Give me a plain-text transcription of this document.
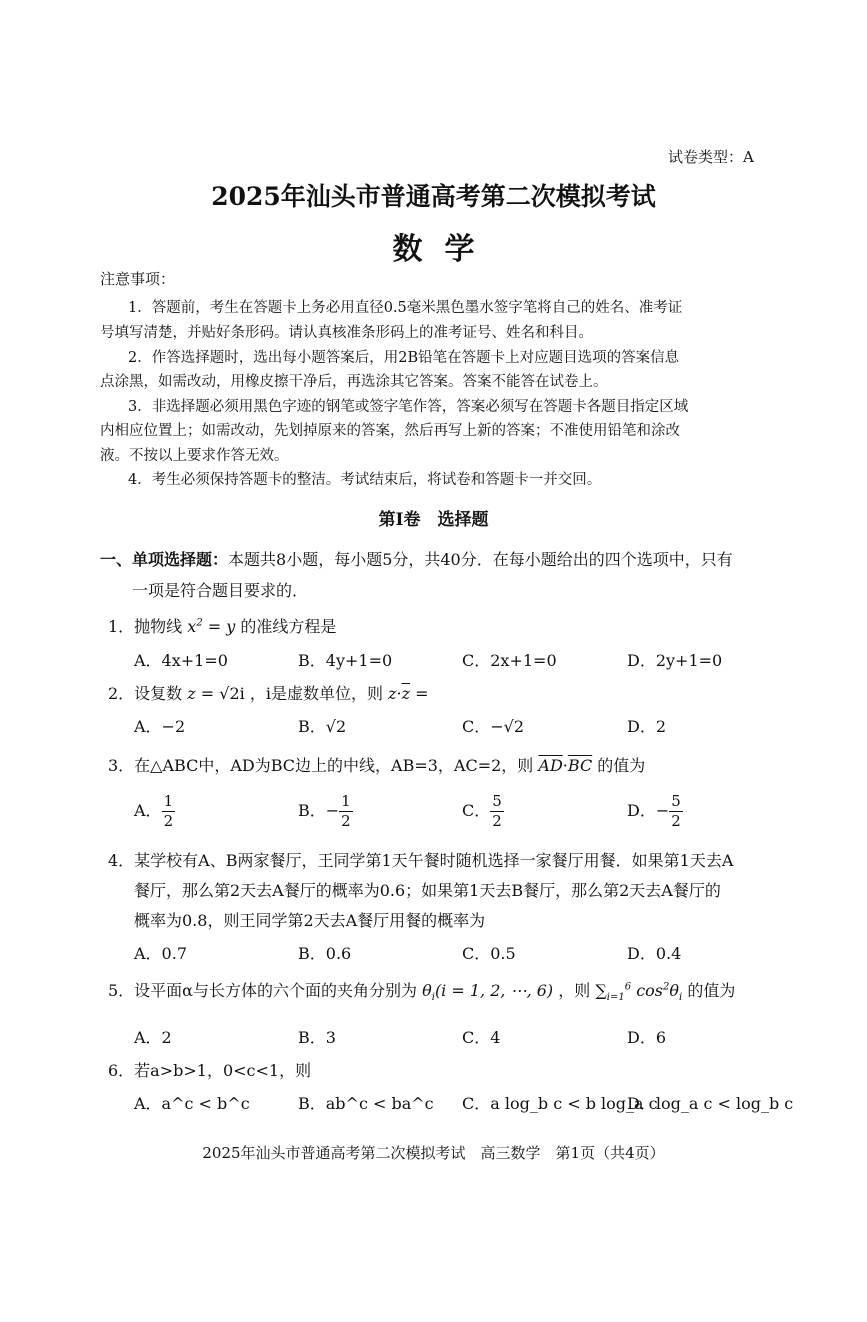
试卷类型：A
2025年汕头市普通高考第二次模拟考试
数学
注意事项：
1．答题前，考生在答题卡上务必用直径0.5毫米黑色墨水签字笔将自己的姓名、准考证
号填写清楚，并贴好条形码。请认真核准条形码上的准考证号、姓名和科目。
2．作答选择题时，选出每小题答案后，用2B铅笔在答题卡上对应题目选项的答案信息
点涂黑，如需改动，用橡皮擦干净后，再选涂其它答案。答案不能答在试卷上。
3．非选择题必须用黑色字迹的钢笔或签字笔作答，答案必须写在答题卡各题目指定区域
内相应位置上；如需改动，先划掉原来的答案，然后再写上新的答案；不准使用铅笔和涂改
液。不按以上要求作答无效。
4．考生必须保持答题卡的整洁。考试结束后，将试卷和答题卡一并交回。
第Ⅰ卷　选择题
一、单项选择题：本题共8小题，每小题5分，共40分．在每小题给出的四个选项中，只有
一项是符合题目要求的．
1．抛物线 $x^2 = y$ 的准线方程是
A．4x+1=0	B．4y+1=0	C．2x+1=0	D．2y+1=0
2．设复数 z = √2i ，i是虚数单位，则 $z\cdot\overline{z}$ =
A．−2	B．√2	C．−√2	D．2
3．在△ABC中，AD为BC边上的中线，AB=3，AC=2，则 $\overline{AD}\cdot\overline{BC}$ 的值为
A． $\frac{1}{2}$	B．− $\frac{1}{2}$	C． $\frac{5}{2}$	D．− $\frac{5}{2}$
4．某学校有A、B两家餐厅，王同学第1天午餐时随机选择一家餐厅用餐．如果第1天去A
餐厅，那么第2天去A餐厅的概率为0.6；如果第1天去B餐厅，那么第2天去A餐厅的
概率为0.8，则王同学第2天去A餐厅用餐的概率为
A．0.7	B．0.6	C．0.5	D．0.4
5．设平面α与长方体的六个面的夹角分别为 $\theta_i(i = 1$, 2, ⋯, 6) ，则 $\sum_{i=1}^6$ $\cos^2\theta_i$ 的值为
A．2	B．3	C．4	D．6
6．若a>b>1，0<c<1，则
A．a^c < b^c	B．ab^c < ba^c C．a log_b c < b log_a c
D．log_a c < log_b c
2025年汕头市普通高考第二次模拟考试　高三数学　第1页（共4页）
